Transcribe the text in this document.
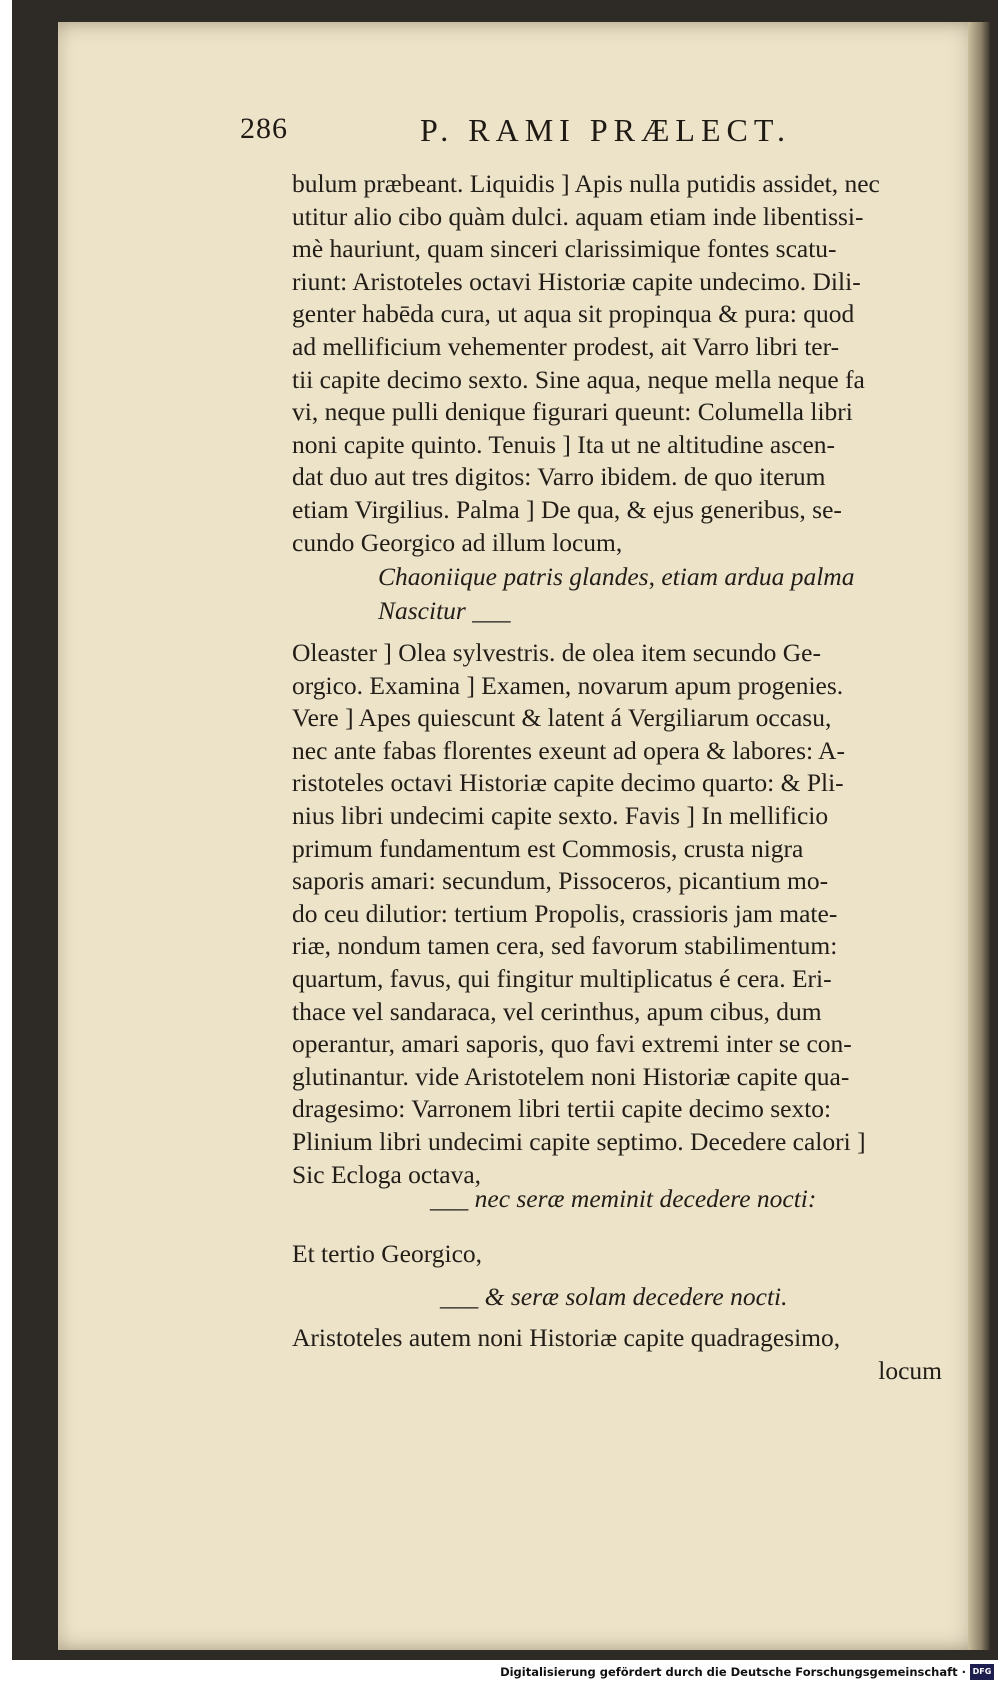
286	P. RAMI PRÆLECT.
bulum præbeant. Liquidis ] Apis nulla putidis assidet, nec
utitur alio cibo quàm dulci. aquam etiam inde libentissi-
mè hauriunt, quam sinceri clarissimique fontes scatu-
riunt: Aristoteles octavi Historiæ capite undecimo. Dili-
genter habēda cura, ut aqua sit propinqua & pura: quod
ad mellificium vehementer prodest, ait Varro libri ter-
tii capite decimo sexto. Sine aqua, neque mella neque fa
vi, neque pulli denique figurari queunt: Columella libri
noni capite quinto. Tenuis ] Ita ut ne altitudine ascen-
dat duo aut tres digitos: Varro ibidem. de quo iterum
etiam Virgilius. Palma ] De qua, & ejus generibus, se-
cundo Georgico ad illum locum,
Chaoniique patris glandes, etiam ardua palma
Nascitur ___
Oleaster ] Olea sylvestris. de olea item secundo Ge-
orgico. Examina ] Examen, novarum apum progenies.
Vere ] Apes quiescunt & latent á Vergiliarum occasu,
nec ante fabas florentes exeunt ad opera & labores: A-
ristoteles octavi Historiæ capite decimo quarto: & Pli-
nius libri undecimi capite sexto. Favis ] In mellificio
primum fundamentum est Commosis, crusta nigra
saporis amari: secundum, Pissoceros, picantium mo-
do ceu dilutior: tertium Propolis, crassioris jam mate-
riæ, nondum tamen cera, sed favorum stabilimentum:
quartum, favus, qui fingitur multiplicatus é cera. Eri-
thace vel sandaraca, vel cerinthus, apum cibus, dum
operantur, amari saporis, quo favi extremi inter se con-
glutinantur. vide Aristotelem noni Historiæ capite qua-
dragesimo: Varronem libri tertii capite decimo sexto:
Plinium libri undecimi capite septimo. Decedere calori ]
Sic Ecloga octava,
___ nec seræ meminit decedere nocti:
Et tertio Georgico,
___ & seræ solam decedere nocti.
Aristoteles autem noni Historiæ capite quadragesimo,
locum
Digitalisierung gefördert durch die Deutsche Forschungsgemeinschaft · DFG
